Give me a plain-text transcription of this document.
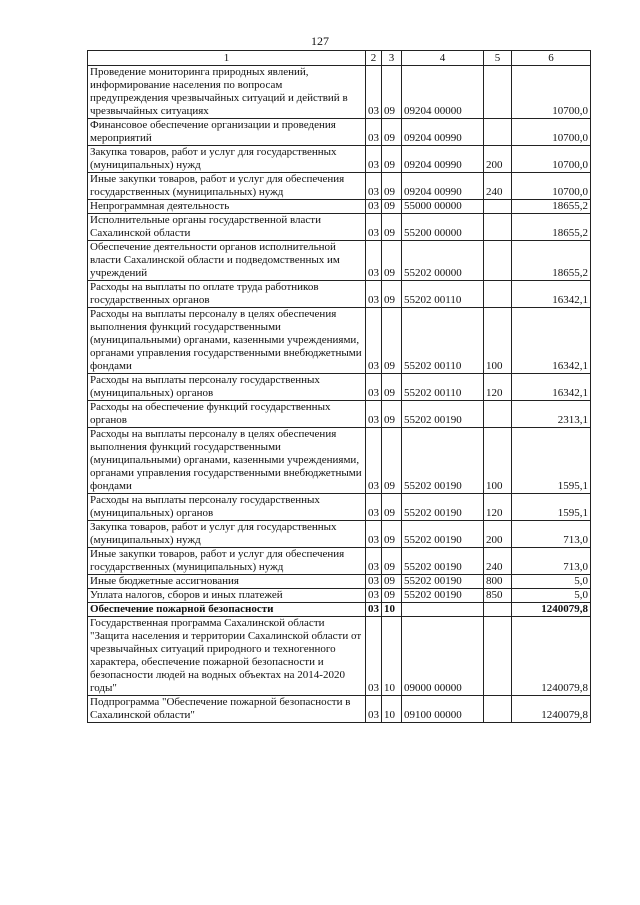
127
1	2	3	4	5	6
Проведение мониторинга природных явлений, информирование населения по вопросам предупреждения чрезвычайных ситуаций и действий в чрезвычайных ситуациях	03	09	09204 00000		10700,0
Финансовое обеспечение организации и проведения мероприятий	03	09	09204 00990		10700,0
Закупка товаров, работ и услуг для государственных (муниципальных) нужд	03	09	09204 00990	200	10700,0
Иные закупки товаров, работ и услуг для обеспечения государственных (муниципальных) нужд	03	09	09204 00990	240	10700,0
Непрограммная деятельность	03	09	55000 00000		18655,2
Исполнительные органы государственной власти Сахалинской области	03	09	55200 00000		18655,2
Обеспечение деятельности органов исполнительной власти Сахалинской области и подведомственных им учреждений	03	09	55202 00000		18655,2
Расходы на выплаты по оплате труда работников государственных органов	03	09	55202 00110		16342,1
Расходы на выплаты персоналу в целях обеспечения выполнения функций государственными (муниципальными) органами, казенными учреждениями, органами управления государственными внебюджетными фондами	03	09	55202 00110	100	16342,1
Расходы на выплаты персоналу государственных (муниципальных) органов	03	09	55202 00110	120	16342,1
Расходы на обеспечение функций государственных органов	03	09	55202 00190		2313,1
Расходы на выплаты персоналу в целях обеспечения выполнения функций государственными (муниципальными) органами, казенными учреждениями, органами управления государственными внебюджетными фондами	03	09	55202 00190	100	1595,1
Расходы на выплаты персоналу государственных (муниципальных) органов	03	09	55202 00190	120	1595,1
Закупка товаров, работ и услуг для государственных (муниципальных) нужд	03	09	55202 00190	200	713,0
Иные закупки товаров, работ и услуг для обеспечения государственных (муниципальных) нужд	03	09	55202 00190	240	713,0
Иные бюджетные ассигнования	03	09	55202 00190	800	5,0
Уплата налогов, сборов и иных платежей	03	09	55202 00190	850	5,0
Обеспечение пожарной безопасности	03	10			1240079,8
Государственная программа Сахалинской области "Защита населения и территории Сахалинской области от чрезвычайных ситуаций природного и техногенного характера, обеспечение пожарной безопасности и безопасности людей на водных объектах на 2014-2020 годы"	03	10	09000 00000		1240079,8
Подпрограмма "Обеспечение пожарной безопасности в Сахалинской области"	03	10	09100 00000		1240079,8
